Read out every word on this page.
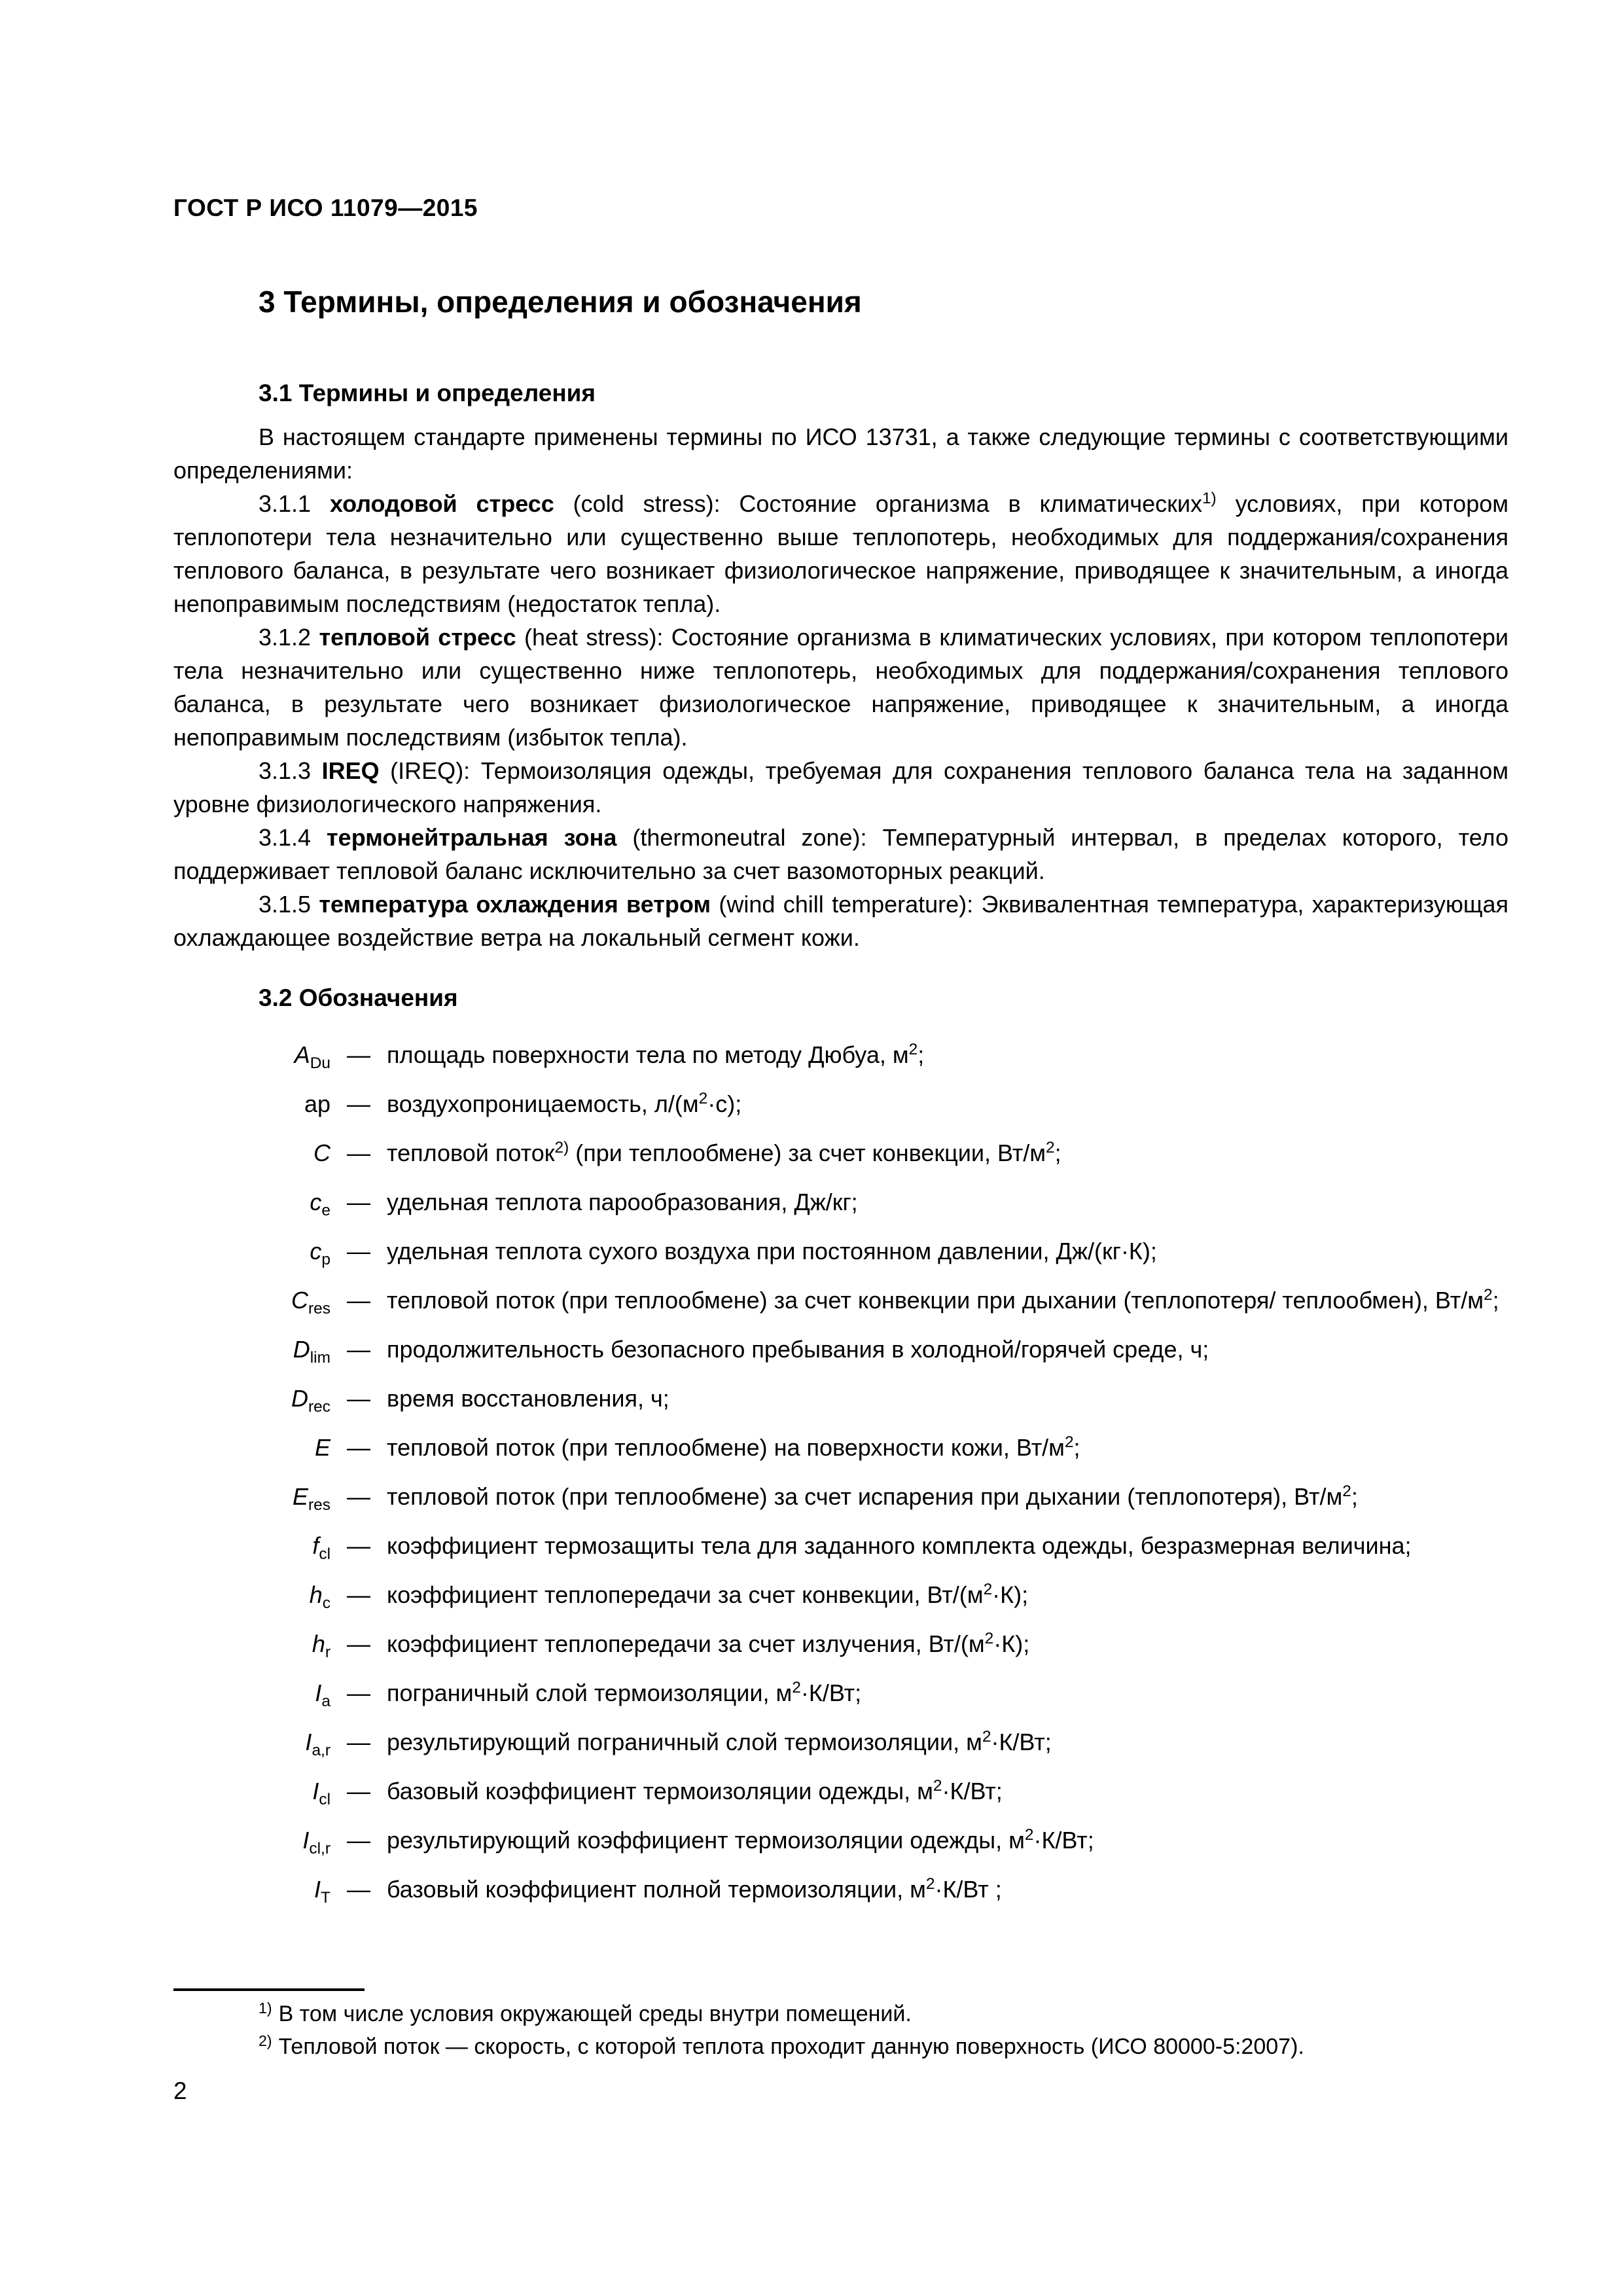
ГОСТ Р ИСО 11079—2015
3 Термины, определения и обозначения
3.1 Термины и определения

В настоящем стандарте применены термины по ИСО 13731, а также следующие термины с соответствующими определениями:

3.1.1 холодовой стресс (cold stress): Состояние организма в климатических$^{1)}$ условиях, при котором теплопотери тела незначительно или существенно выше теплопотерь, необходимых для поддержания/сохранения теплового баланса, в результате чего возникает физиологическое напряжение, приводящее к значительным, а иногда непоправимым последствиям (недостаток тепла).

3.1.2 тепловой стресс (heat stress): Состояние организма в климатических условиях, при котором теплопотери тела незначительно или существенно ниже теплопотерь, необходимых для поддержания/сохранения теплового баланса, в результате чего возникает физиологическое напряжение, приводящее к значительным, а иногда непоправимым последствиям (избыток тепла).

3.1.3 IREQ (IREQ): Термоизоляция одежды, требуемая для сохранения теплового баланса тела на заданном уровне физиологического напряжения.

3.1.4 термонейтральная зона (thermoneutral zone): Температурный интервал, в пределах которого, тело поддерживает тепловой баланс исключительно за счет вазомоторных реакций.

3.1.5 температура охлаждения ветром (wind chill temperature): Эквивалентная температура, характеризующая охлаждающее воздействие ветра на локальный сегмент кожи.

3.2 Обозначения
$A_{Du}$ — площадь поверхности тела по методу Дюбуа, $м^2$;
ар — воздухопроницаемость, $л/(м^2\cdot с)$;
C — тепловой поток$^{2)}$ (при теплообмене) за счет конвекции, $Вт/м^2$;
$c_e$ — удельная теплота парообразования, Дж/кг;
$c_p$ — удельная теплота сухого воздуха при постоянном давлении, Дж/(кг·К);
$C_{res}$ — тепловой поток (при теплообмене) за счет конвекции при дыхании (теплопотеря/ теплообмен), $Вт/м^2$;
$D_{lim}$ — продолжительность безопасного пребывания в холодной/горячей среде, ч;
$D_{rec}$ — время восстановления, ч;
E — тепловой поток (при теплообмене) на поверхности кожи, $Вт/м^2$;
$E_{res}$ — тепловой поток (при теплообмене) за счет испарения при дыхании (теплопотеря), $Вт/м^2$;
$f_{cl}$ — коэффициент термозащиты тела для заданного комплекта одежды, безразмерная величина;
$h_c$ — коэффициент теплопередачи за счет конвекции, $Вт/(м^2\cdot К)$;
$h_r$ — коэффициент теплопередачи за счет излучения, $Вт/(м^2\cdot К)$;
$I_a$ — пограничный слой термоизоляции, $м^2\cdot К/Вт$;
$I_{a,r}$ — результирующий пограничный слой термоизоляции, $м^2\cdot К/Вт$;
$I_{cl}$ — базовый коэффициент термоизоляции одежды, $м^2\cdot К/Вт$;
$I_{cl,r}$ — результирующий коэффициент термоизоляции одежды, $м^2\cdot К/Вт$;
$I_T$ — базовый коэффициент полной термоизоляции, $м^2\cdot К/Вт$ ;

$^{1)}$ В том числе условия окружающей среды внутри помещений.

$^{2)}$ Тепловой поток — скорость, с которой теплота проходит данную поверхность (ИСО 80000-5:2007).

2
